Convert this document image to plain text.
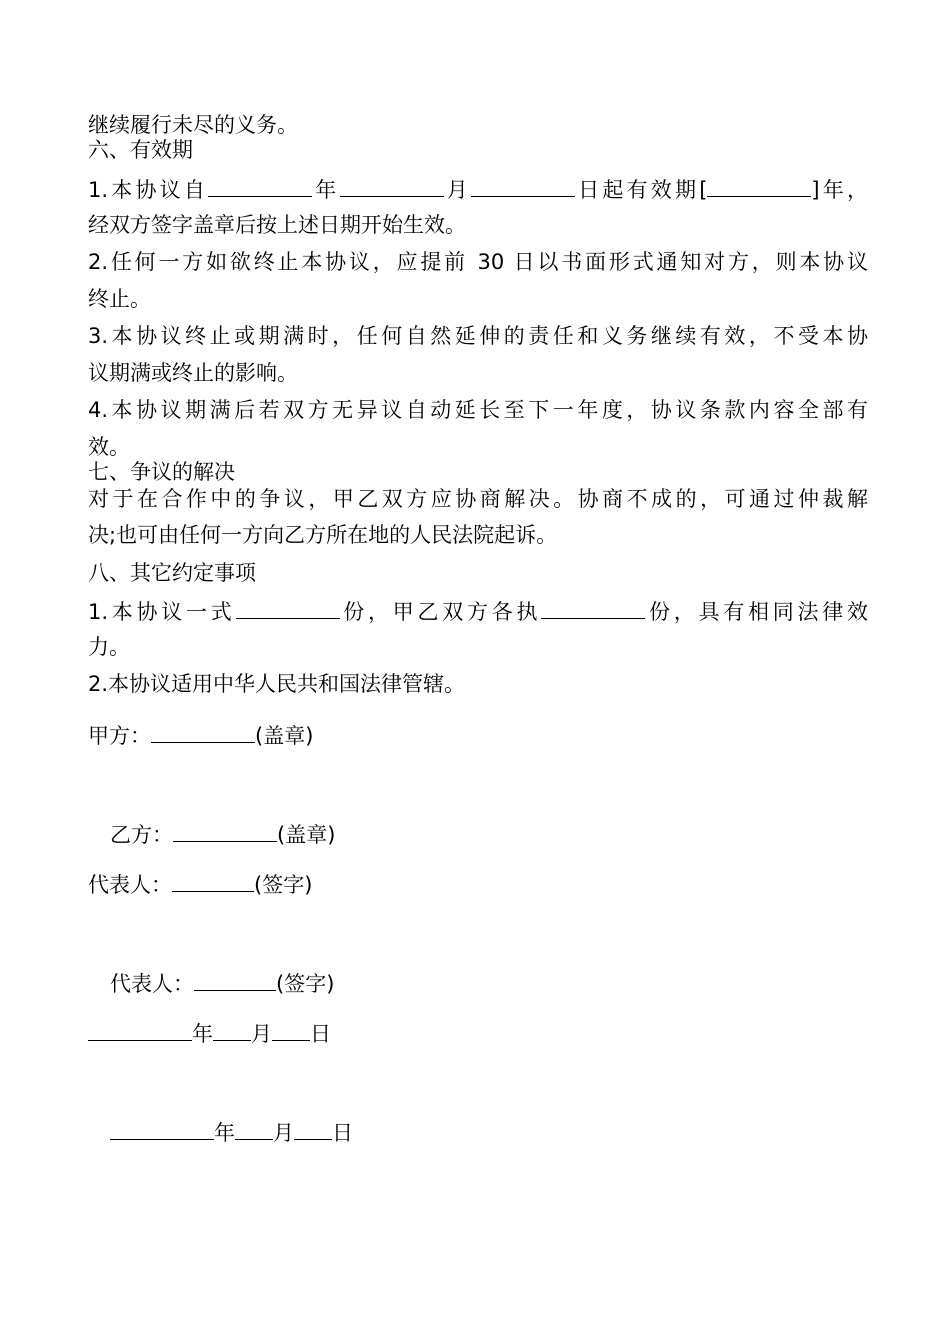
继续履行未尽的义务。
六、有效期
1.本协议自	年	月	日起有效期[	]年，
经双方签字盖章后按上述日期开始生效。
2.任何一方如欲终止本协议，应提前 30 日以书面形式通知对方，则本协议
终止。
3.本协议终止或期满时，任何自然延伸的责任和义务继续有效，不受本协
议期满或终止的影响。
4.本协议期满后若双方无异议自动延长至下一年度，协议条款内容全部有
效。
七、争议的解决
对于在合作中的争议，甲乙双方应协商解决。协商不成的，可通过仲裁解
决;也可由任何一方向乙方所在地的人民法院起诉。
八、其它约定事项
1.本协议一式	份，甲乙双方各执	份，具有相同法律效
力。
2.本协议适用中华人民共和国法律管辖。
甲方：	(盖章)
乙方：	(盖章)
代表人：	(签字)
代表人：	(签字)
年 月 日
年 月 日
